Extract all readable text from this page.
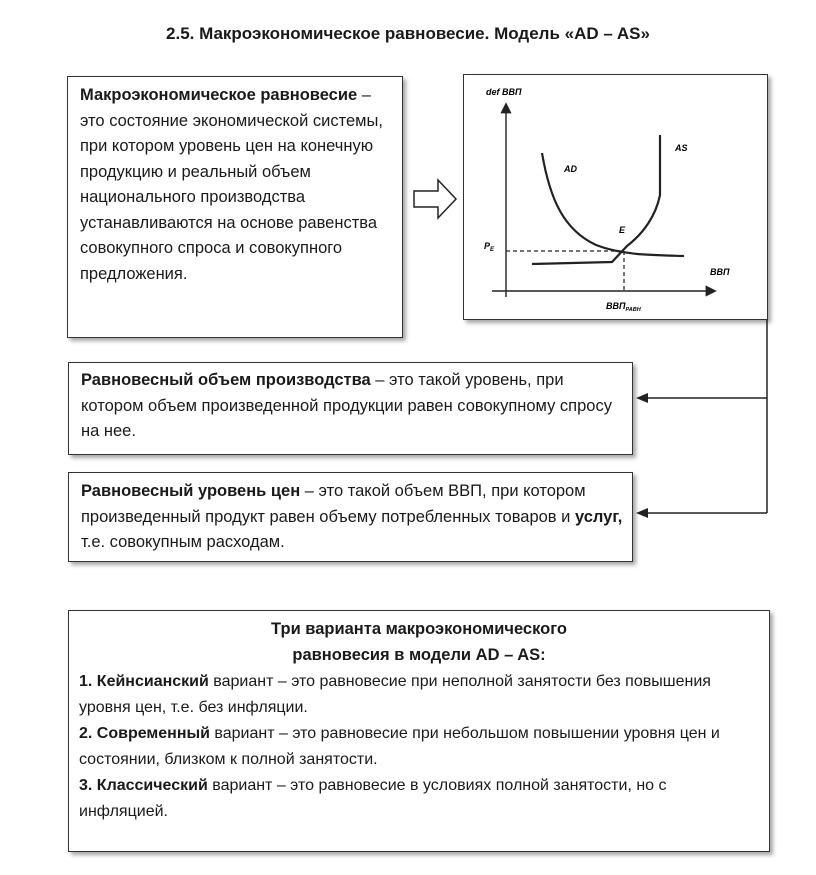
2.5. Макроэкономическое равновесие. Модель «AD – AS»
Макроэкономическое равновесие – это состояние экономической системы, при котором уровень цен на конечную продукцию и реальный объем национального производства устанавливаются на основе равенства совокупного спроса и совокупного предложения.
def ВВП
ВВП
AD
AS
E
$P_E$
$ВВП_{РАВН}$
Равновесный объем производства – это такой уровень, при котором объем произведенной продукции равен совокупному спросу на нее.
Равновесный уровень цен – это такой объем ВВП, при котором произведенный продукт равен объему потребленных товаров и услуг, т.е. совокупным расходам.
Три варианта макроэкономического
равновесия в модели AD – AS:
1. Кейнсианский вариант – это равновесие при неполной занятости без повышения уровня цен, т.е. без инфляции.
2. Современный вариант – это равновесие при небольшом повышении уровня цен и состоянии, близком к полной занятости.
3. Классический вариант – это равновесие в условиях полной занятости, но с инфляцией.
